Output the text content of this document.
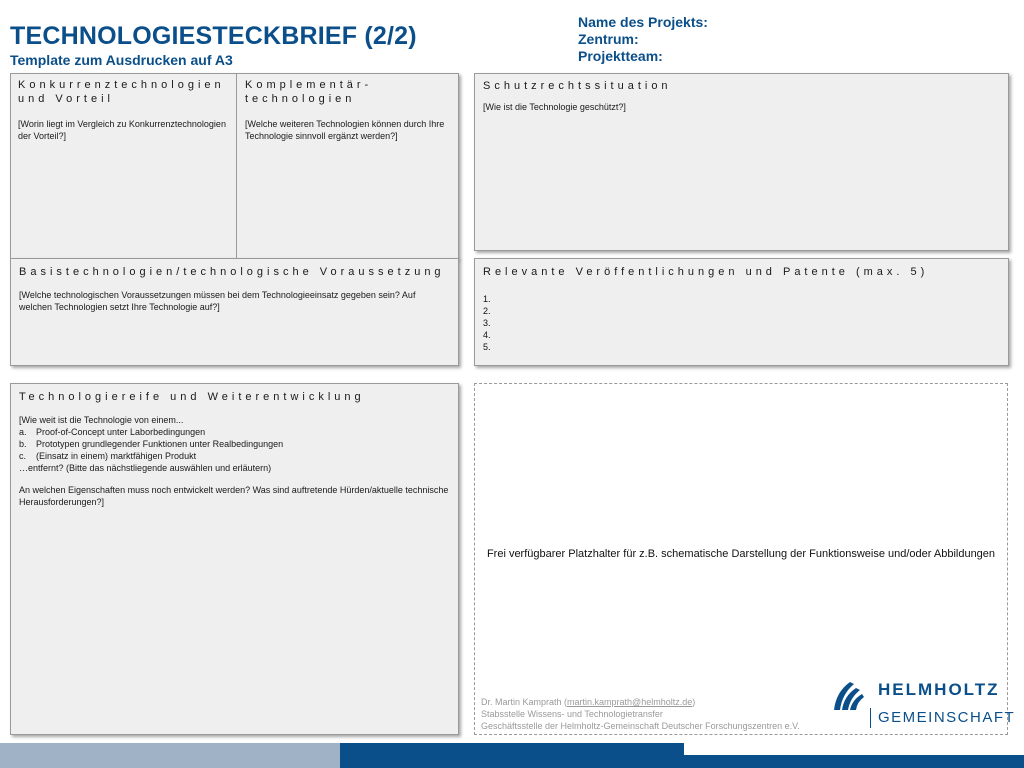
TECHNOLOGIESTECKBRIEF (2/2)
Template zum Ausdrucken auf A3
Name des Projekts:
Zentrum:
Projektteam:
Konkurrenztechnologien und Vorteil
[Worin liegt im Vergleich zu Konkurrenztechnologien der Vorteil?]
Komplementär-technologien
[Welche weiteren Technologien können durch Ihre Technologie sinnvoll ergänzt werden?]
Schutzrechtssituation
[Wie ist die Technologie geschützt?]
Basistechnologien/technologische Voraussetzung
[Welche technologischen Voraussetzungen müssen bei dem Technologieeinsatz gegeben sein? Auf welchen Technologien setzt Ihre Technologie auf?]
Relevante Veröffentlichungen und Patente (max. 5)
1.
2.
3.
4.
5.
Technologiereife und Weiterentwicklung
[Wie weit ist die Technologie von einem...
a. Proof-of-Concept unter Laborbedingungen
b. Prototypen grundlegender Funktionen unter Realbedingungen
c. (Einsatz in einem) marktfähigen Produkt
…entfernt? (Bitte das nächstliegende auswählen und erläutern)
An welchen Eigenschaften muss noch entwickelt werden? Was sind auftretende Hürden/aktuelle technische Herausforderungen?]
Frei verfügbarer Platzhalter für z.B. schematische Darstellung der Funktionsweise und/oder Abbildungen
Dr. Martin Kamprath (martin.kamprath@helmholtz.de)
Stabsstelle Wissens- und Technologietransfer
Geschäftsstelle der Helmholtz-Gemeinschaft Deutscher Forschungszentren e.V.
HELMHOLTZ
GEMEINSCHAFT
